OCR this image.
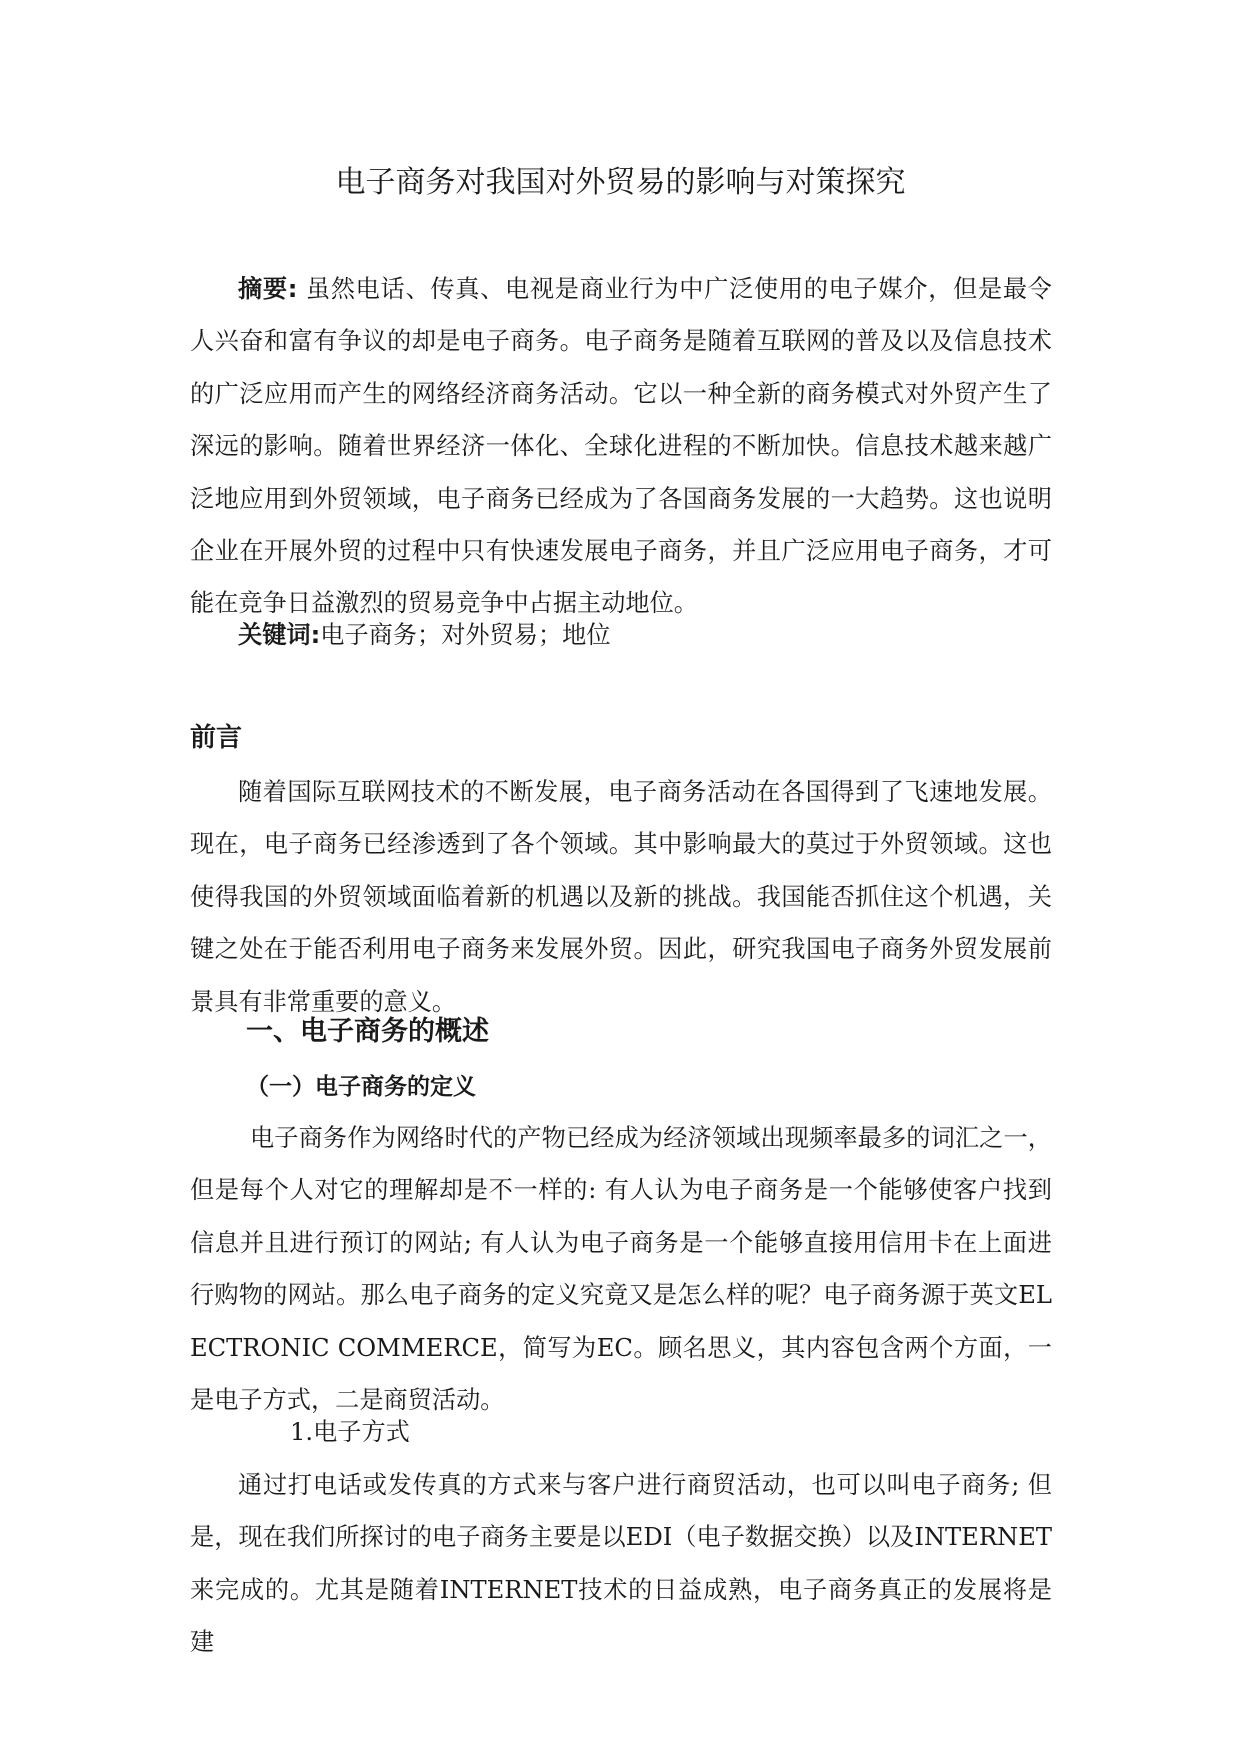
电子商务对我国对外贸易的影响与对策探究

摘要: 虽然电话、传真、电视是商业行为中广泛使用的电子媒介，但是最令人兴奋和富有争议的却是电子商务。电子商务是随着互联网的普及以及信息技术的广泛应用而产生的网络经济商务活动。它以一种全新的商务模式对外贸产生了深远的影响。随着世界经济一体化、全球化进程的不断加快。信息技术越来越广泛地应用到外贸领域，电子商务已经成为了各国商务发展的一大趋势。这也说明企业在开展外贸的过程中只有快速发展电子商务，并且广泛应用电子商务，才可能在竞争日益激烈的贸易竞争中占据主动地位。

关键词:电子商务；对外贸易；地位

前言

随着国际互联网技术的不断发展，电子商务活动在各国得到了飞速地发展。现在，电子商务已经渗透到了各个领域。其中影响最大的莫过于外贸领域。这也使得我国的外贸领域面临着新的机遇以及新的挑战。我国能否抓住这个机遇，关键之处在于能否利用电子商务来发展外贸。因此，研究我国电子商务外贸发展前景具有非常重要的意义。

一、电子商务的概述
（一）电子商务的定义

电子商务作为网络时代的产物已经成为经济领域出现频率最多的词汇之一，但是每个人对它的理解却是不一样的: 有人认为电子商务是一个能够使客户找到信息并且进行预订的网站; 有人认为电子商务是一个能够直接用信用卡在上面进行购物的网站。那么电子商务的定义究竟又是怎么样的呢？电子商务源于英文ELECTRONIC COMMERCE，简写为EC。顾名思义，其内容包含两个方面，一是电子方式，二是商贸活动。

1.电子方式

通过打电话或发传真的方式来与客户进行商贸活动，也可以叫电子商务; 但是，现在我们所探讨的电子商务主要是以EDI（电子数据交换）以及INTERNET来完成的。尤其是随着INTERNET技术的日益成熟，电子商务真正的发展将是建
